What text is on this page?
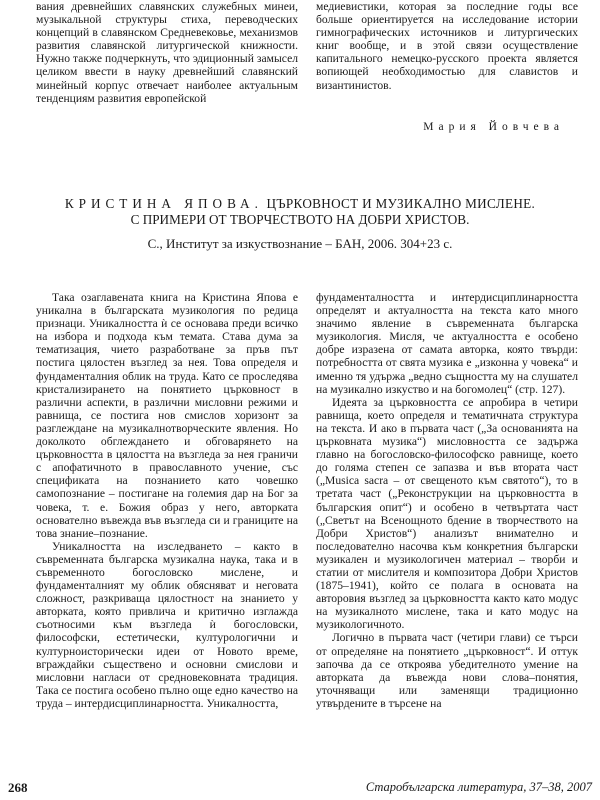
вания древнейших славянских служебных минеи, музыкальной структуры стиха, переводческих концепций в славянском Средневековье, механизмов развития славянской литургической книжности. Нужно также подчеркнуть, что эдиционный замысел целиком ввести в науку древнейший славянский минейный корпус отвечает наиболее актуальным тенденциям развития европейской

медиевистики, которая за последние годы все больше ориентируется на исследование истории гимнографических источников и литургических книг вообще, и в этой связи осуществление капитального немецко-русского проекта является вопиющей необходимостью для славистов и византинистов.

Мария Йовчева
КРИСТИНА ЯПОВА. ЦЪРКОВНОСТ И МУЗИКАЛНО МИСЛЕНЕ.
С ПРИМЕРИ ОТ ТВОРЧЕСТВОТО НА ДОБРИ ХРИСТОВ.
С., Институт за изкуствознание – БАН, 2006. 304+23 с.

Така озаглавената книга на Кристина Япова е уникална в българската музикология по редица признаци. Уникалността ѝ се основава преди всичко на избора и подхода към темата. Става дума за тематизация, чието разработване за пръв път постига цялостен възглед за нея. Това определя и фундаменталния облик на труда. Като се проследява кристализирането на понятието църковност в различни аспекти, в различни мисловни режими и равнища, се постига нов смислов хоризонт за разглеждане на музикалнотворческите явления. Но доколкото обглеждането и обговарянето на църковността в цялостта на възгледа за нея граничи с апофатичното в православното учение, със спецификата на познанието като човешко самопознание – постигане на големия дар на Бог за човека, т. е. Божия образ у него, авторката основателно въвежда във възгледа си и границите на това знание–познание.

Уникалността на изследването – както в съвременната българска музикална наука, така и в съвременното богословско мислене, и фундаменталният му облик обясняват и неговата сложност, разкриваща цялостност на знанието у авторката, която привлича и критично изглажда съотносими към възгледа ѝ богословски, философски, естетически, културологични и културноисторически идеи от Новото време, вграждайки съществено и основни смислови и мисловни нагласи от средновековната традиция. Така се постига особено пълно още едно качество на труда – интердисциплинарността. Уникалността,

фундаменталността и интердисциплинарността определят и актуалността на текста като много значимо явление в съвременната българска музикология. Мисля, че актуалността е особено добре изразена от самата авторка, която твърди: потребността от свята музика е „изконна у човека“ и именно тя удържа „ведно същността му на слушател на музикално изкуство и на богомолец“ (стр. 127).

Идеята за църковността се апробира в четири равнища, което определя и тематичната структура на текста. И ако в първата част („За основанията на църковната музика“) мисловността се задържа главно на богословско-философско равнище, което до голяма степен се запазва и във втората част („Musica sacra – от свещеното към святото“), то в третата част („Реконструкции на църковността в българския опит“) и особено в четвъртата част („Светът на Всенощното бдение в творчеството на Добри Христов“) анализът внимателно и последователно насочва към конкретния български музикален и музикологичен материал – творби и статии от мислителя и композитора Добри Христов (1875–1941), който се полага в основата на авторовия възглед за църковността както като модус на музикалното мислене, така и като модус на музикологичното.

Логично в първата част (четири глави) се търси от определяне на понятието „църковност“. И оттук започва да се откроява убедителното умение на авторката да въвежда нови слова–понятия, уточняващи или заменящи традиционно утвърдените в търсене на

268	Старобългарска литература, 37–38, 2007
